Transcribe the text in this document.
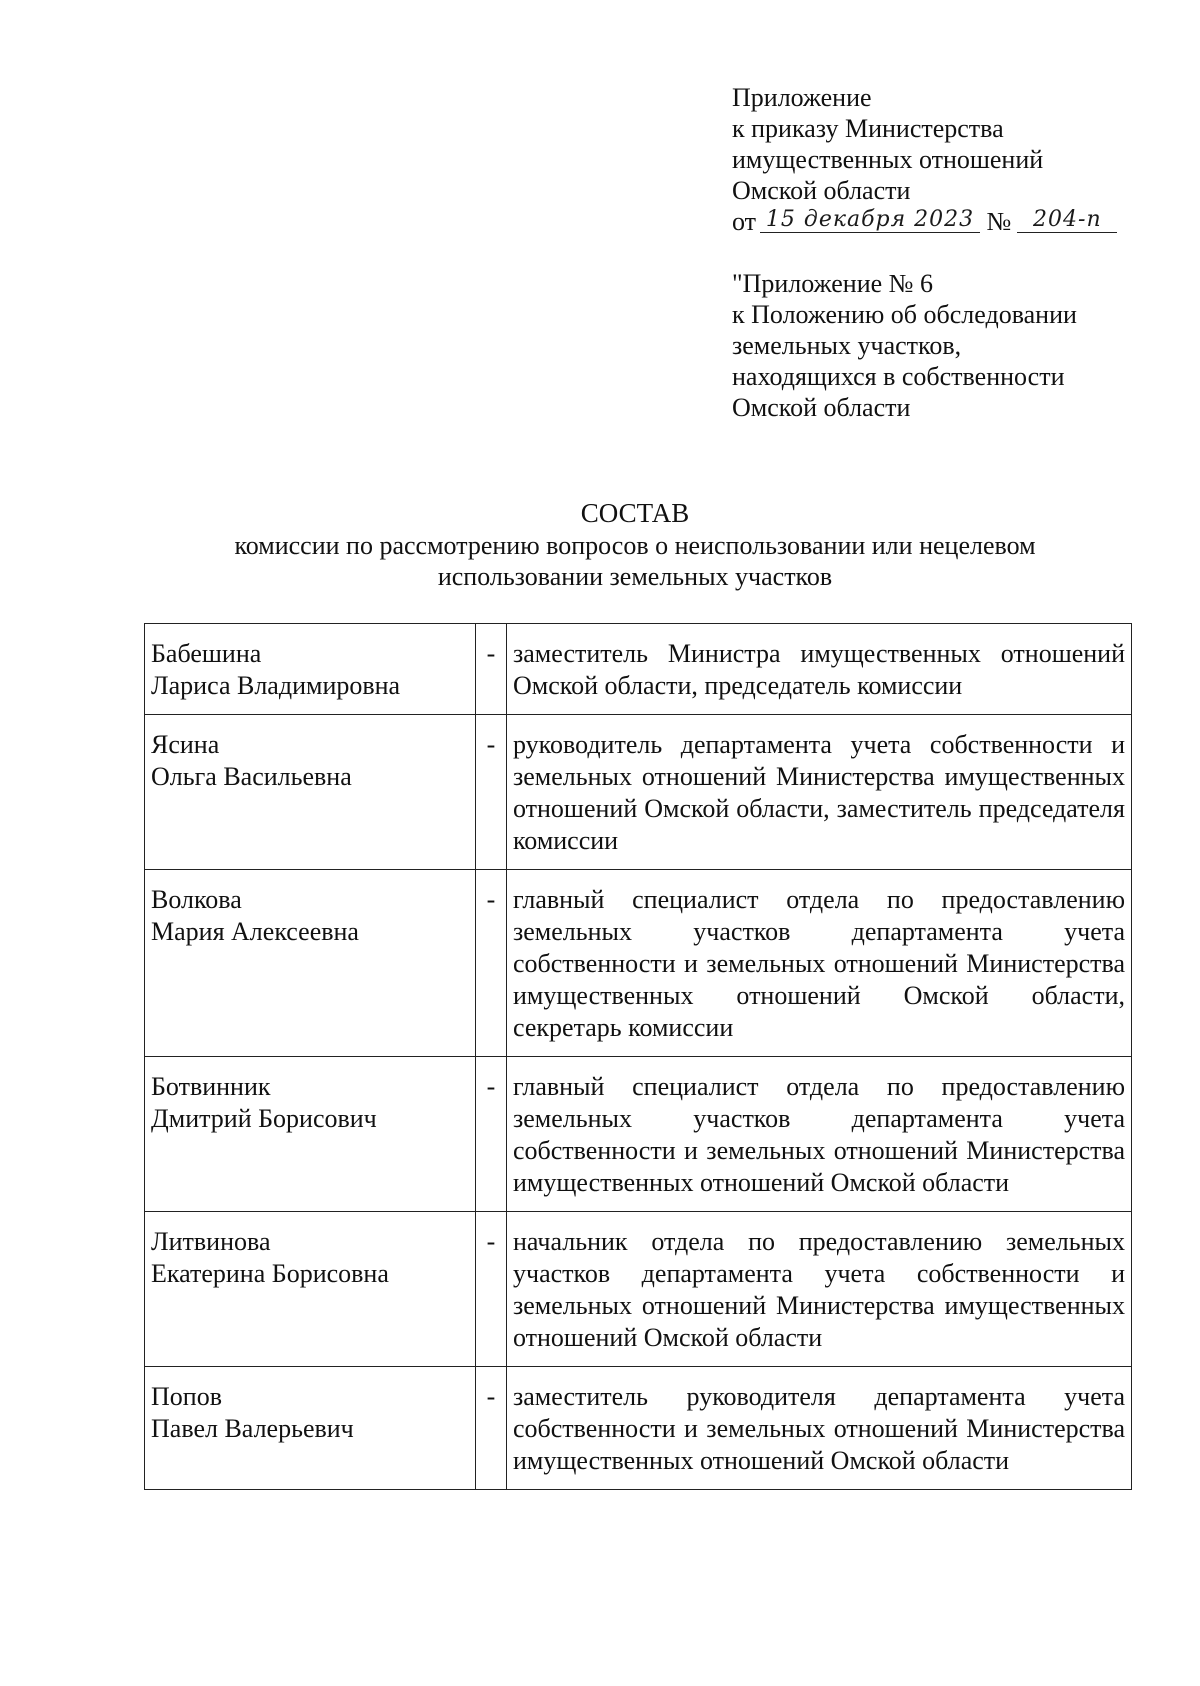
Приложение
к приказу Министерства
имущественных отношений
Омской области
от 15 декабря 2023 № 204-п
"Приложение № 6
к Положению об обследовании
земельных участков,
находящихся в собственности
Омской области
СОСТАВ
комиссии по рассмотрению вопросов о неиспользовании или нецелевом
использовании земельных участков
Бабешина
Лариса Владимировна	-	заместитель Министра имущественных отношений Омской области, председатель комиссии

Ясина
Ольга Васильевна	-	руководитель департамента учета собственности и земельных отношений Министерства имущественных отношений Омской области, заместитель председателя комиссии

Волкова
Мария Алексеевна	-	главный специалист отдела по предоставлению земельных участков департамента учета собственности и земельных отношений Министерства имущественных отношений Омской области, секретарь комиссии

Ботвинник
Дмитрий Борисович	-	главный специалист отдела по предоставлению земельных участков департамента учета собственности и земельных отношений Министерства имущественных отношений Омской области

Литвинова
Екатерина Борисовна	-	начальник отдела по предоставлению земельных участков департамента учета собственности и земельных отношений Министерства имущественных отношений Омской области

Попов
Павел Валерьевич	-	заместитель руководителя департамента учета собственности и земельных отношений Министерства имущественных отношений Омской области
